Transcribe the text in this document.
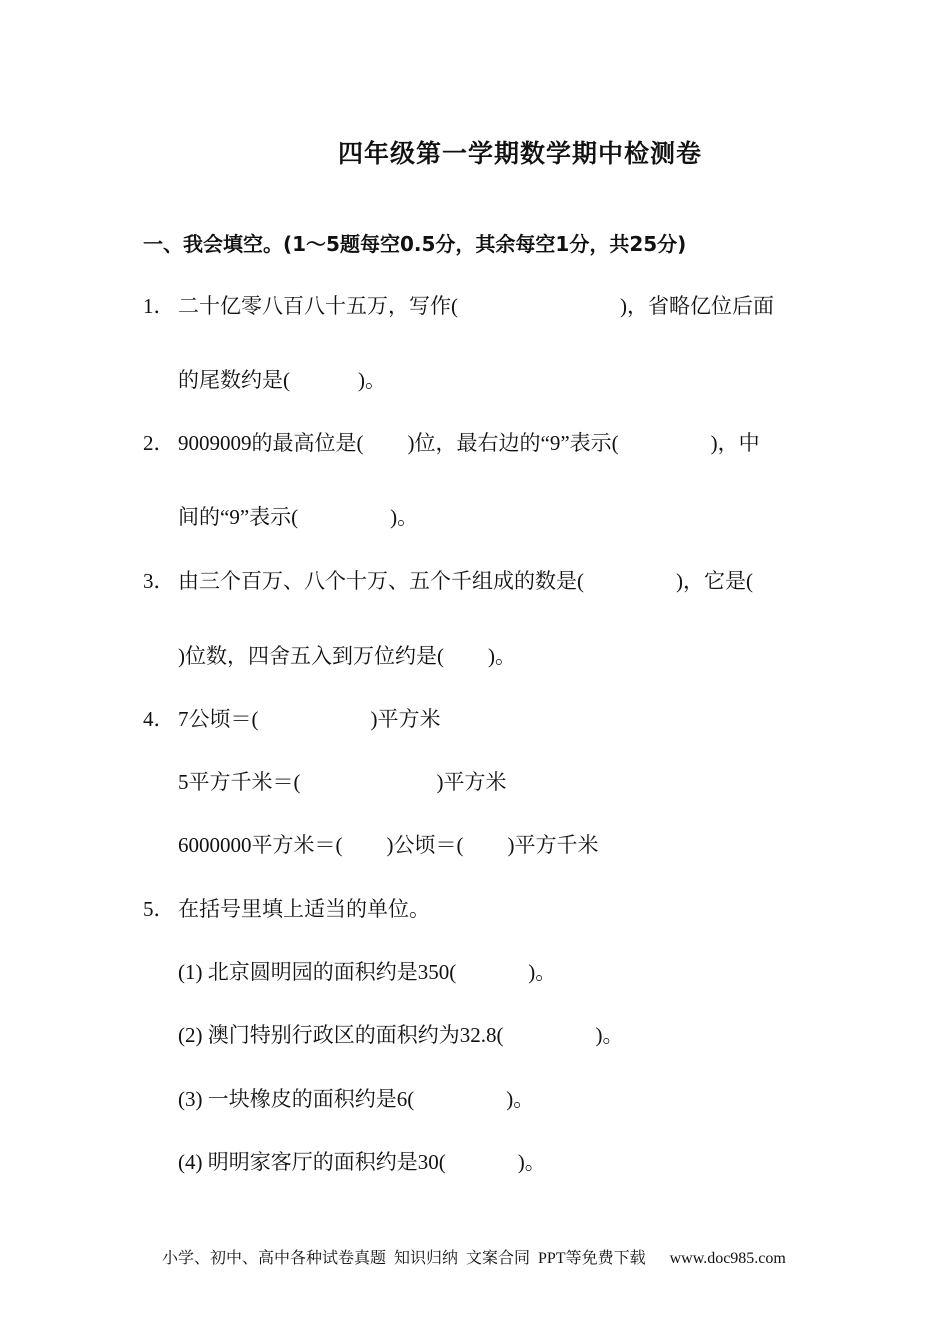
四年级第一学期数学期中检测卷
一、我会填空。(1～5题每空0.5分，其余每空1分，共25分)
1． 二十亿零八百八十五万，写作(	)，省略亿位后面
的尾数约是(	)。
2． 9009009的最高位是( )位，最右边的“9”表示(	)，中
间的“9”表示(	)。
3． 由三个百万、八个十万、五个千组成的数是(	)，它是(
)位数，四舍五入到万位约是( )。
4． 7公顷＝(	)平方米
5平方千米＝(	)平方米
6000000平方米＝( )公顷＝( )平方千米
5． 在括号里填上适当的单位。
(1) 北京圆明园的面积约是350(	)。
(2) 澳门特别行政区的面积约为32.8(	)。
(3) 一块橡皮的面积约是6(	)。
(4) 明明家客厅的面积约是30(	)。
小学、初中、高中各种试卷真题  知识归纳  文案合同  PPT等免费下载 www.doc985.com
